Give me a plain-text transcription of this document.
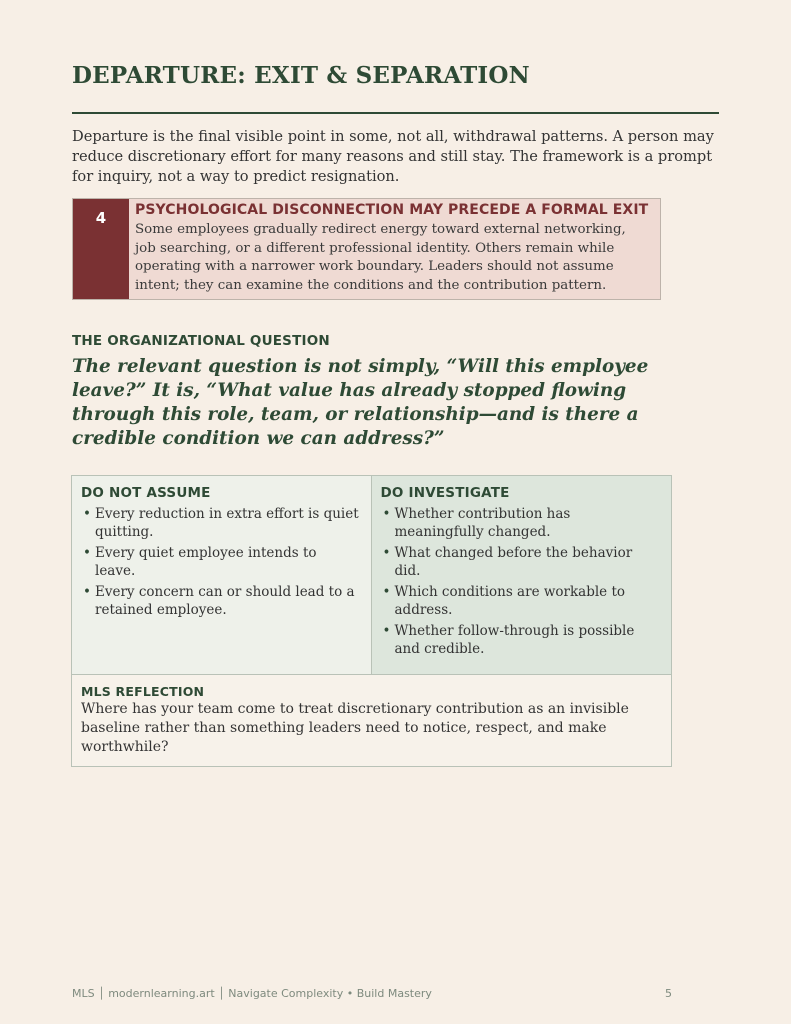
DEPARTURE: EXIT & SEPARATION

Departure is the final visible point in some, not all, withdrawal patterns. A person may reduce discretionary effort for many reasons and still stay. The framework is a prompt for inquiry, not a way to predict resignation.

4	PSYCHOLOGICAL DISCONNECTION MAY PRECEDE A FORMAL EXIT

Some employees gradually redirect energy toward external networking, job searching, or a different professional identity. Others remain while operating with a narrower work boundary. Leaders should not assume intent; they can examine the conditions and the contribution pattern.

THE ORGANIZATIONAL QUESTION

The relevant question is not simply, “Will this employee leave?” It is, “What value has already stopped flowing through this role, team, or relationship—and is there a credible condition we can address?”

DO NOT ASSUME

• Every reduction in extra effort is quiet quitting.
• Every quiet employee intends to leave.
• Every concern can or should lead to a retained employee.

DO INVESTIGATE

• Whether contribution has meaningfully changed.
• What changed before the behavior did.
• Which conditions are workable to address.
• Whether follow-through is possible and credible.

MLS REFLECTION

Where has your team come to treat discretionary contribution as an invisible baseline rather than something leaders need to notice, respect, and make worthwhile?

MLS │ modernlearning.art │ Navigate Complexity • Build Mastery	5
